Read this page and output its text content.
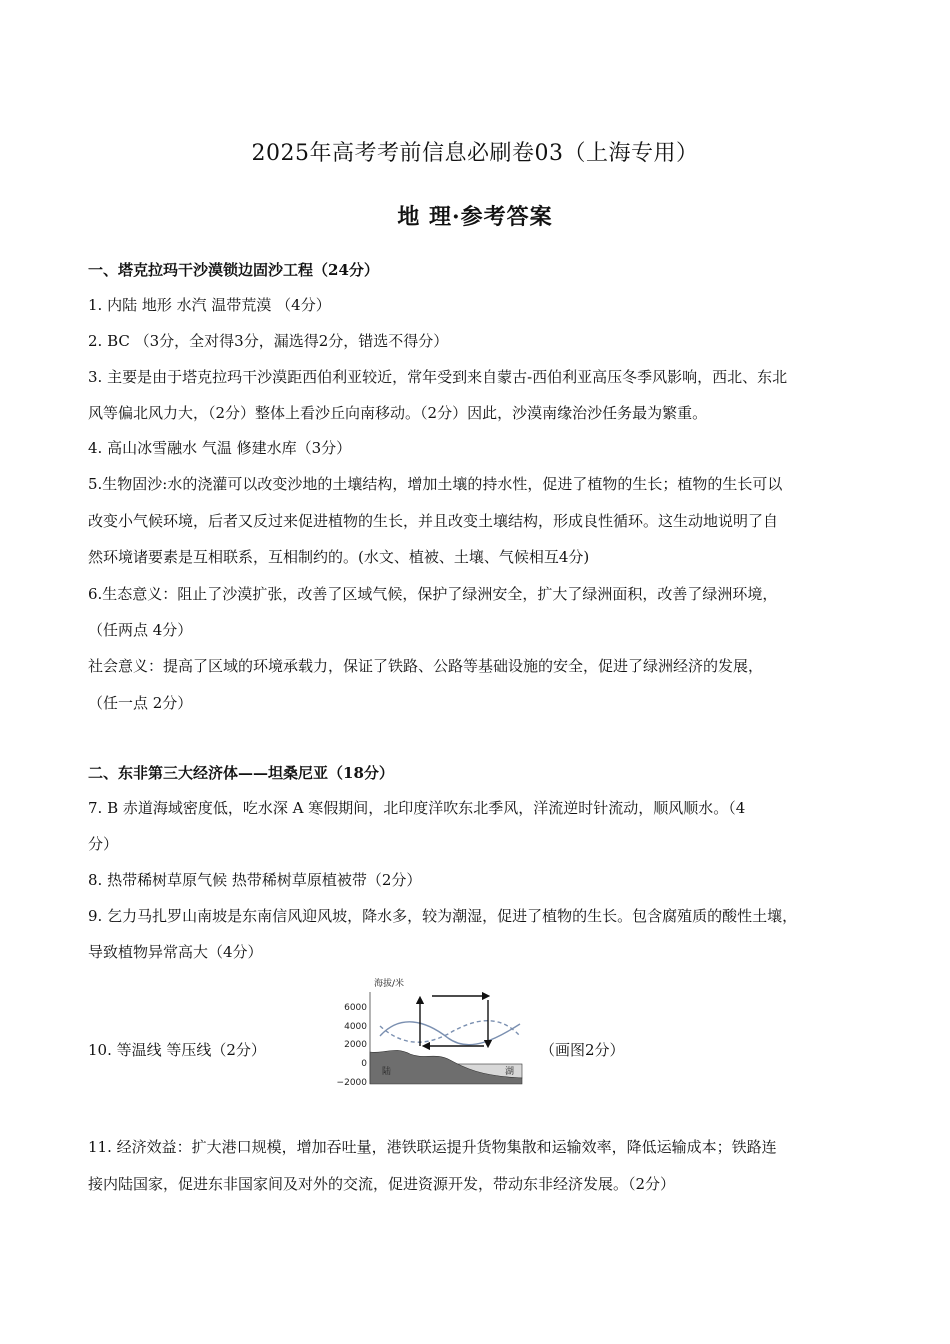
2025年高考考前信息必刷卷03（上海专用）
地 理·参考答案
一、塔克拉玛干沙漠锁边固沙工程（24分）
1. 内陆 地形 水汽 温带荒漠 （4分）
2. BC （3分，全对得3分，漏选得2分，错选不得分）
3. 主要是由于塔克拉玛干沙漠距西伯利亚较近，常年受到来自蒙古-西伯利亚高压冬季风影响，西北、东北
风等偏北风力大，（2分）整体上看沙丘向南移动。（2分）因此，沙漠南缘治沙任务最为繁重。
4. 高山冰雪融水 气温 修建水库（3分）
5.生物固沙:水的浇灌可以改变沙地的土壤结构，增加土壤的持水性，促进了植物的生长；植物的生长可以
改变小气候环境，后者又反过来促进植物的生长，并且改变土壤结构，形成良性循环。这生动地说明了自
然环境诸要素是互相联系，互相制约的。(水文、植被、土壤、气候相互4分)
6.生态意义：阻止了沙漠扩张，改善了区域气候，保护了绿洲安全，扩大了绿洲面积，改善了绿洲环境，
（任两点 4分）
社会意义：提高了区域的环境承载力，保证了铁路、公路等基础设施的安全，促进了绿洲经济的发展，
（任一点 2分）
二、东非第三大经济体——坦桑尼亚（18分）
7. B 赤道海域密度低，吃水深 A 寒假期间，北印度洋吹东北季风，洋流逆时针流动，顺风顺水。（4
分）
8. 热带稀树草原气候 热带稀树草原植被带（2分）
9. 乞力马扎罗山南坡是东南信风迎风坡，降水多，较为潮湿，促进了植物的生长。包含腐殖质的酸性土壤，
导致植物异常高大（4分）
10. 等温线 等压线（2分）	（画图2分）
海拔/米
6000
4000
2000
0
−2000
陆	湖
11. 经济效益：扩大港口规模，增加吞吐量，港铁联运提升货物集散和运输效率，降低运输成本；铁路连
接内陆国家，促进东非国家间及对外的交流，促进资源开发，带动东非经济发展。（2分）
